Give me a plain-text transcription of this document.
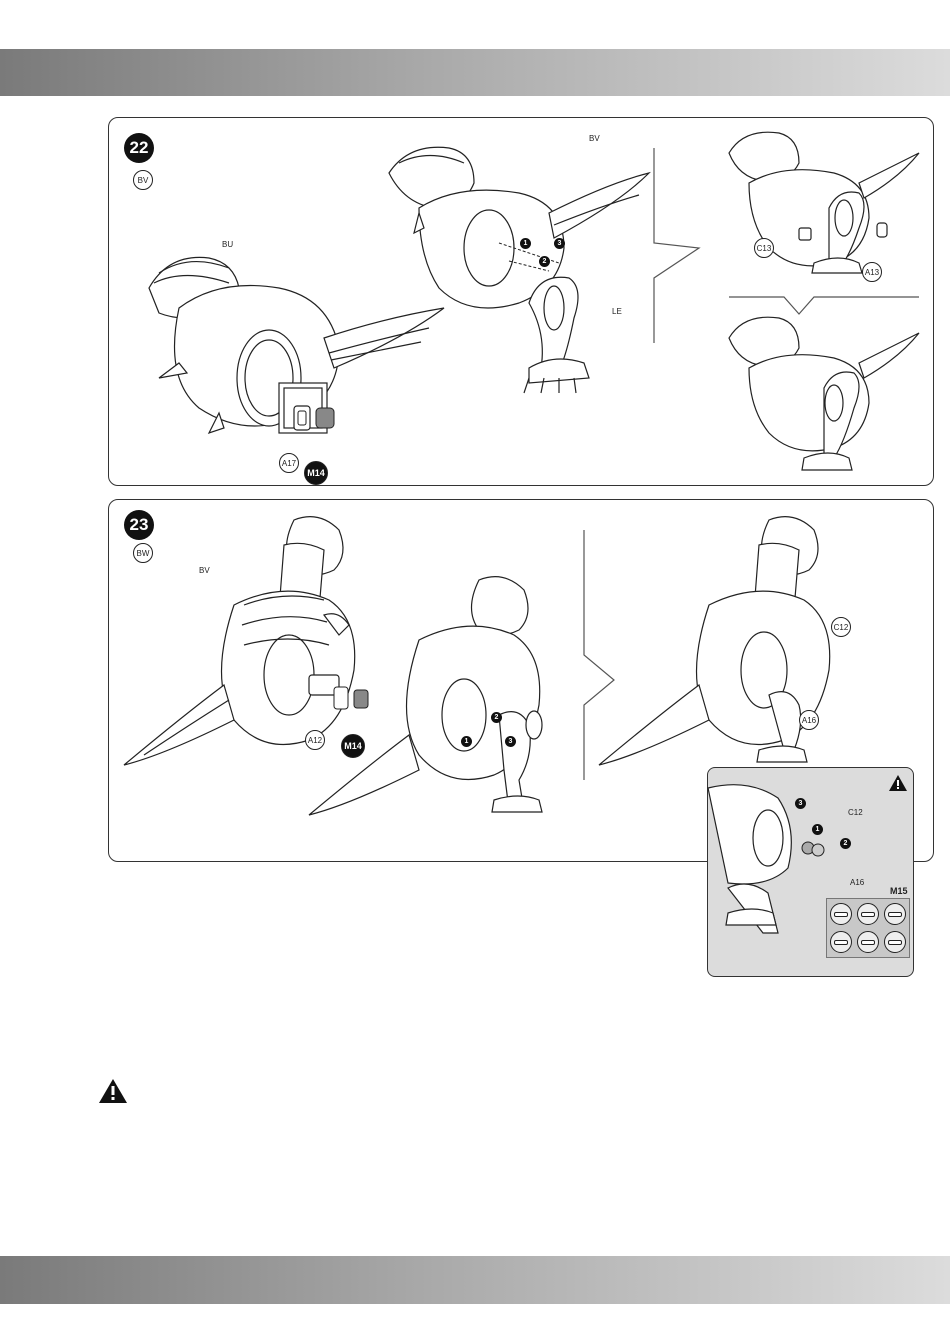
22
BV
BU
A17
M14
BV
LE
1
2
3	C13
A13
23
BW
BV
A12
M14	1
2
3
C12
A16
C12
A16
3
1
2
M15
